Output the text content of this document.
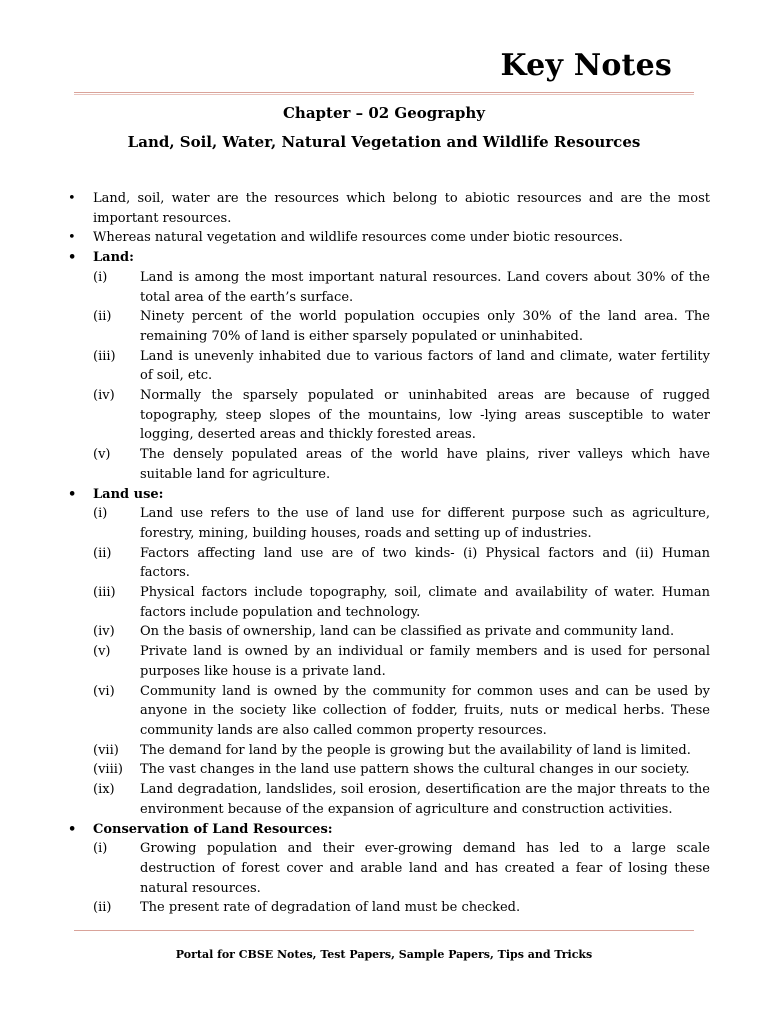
Key Notes
Chapter – 02 Geography
Land, Soil, Water, Natural Vegetation and Wildlife Resources
• Land, soil, water are the resources which belong to abiotic resources and are the most important resources.
• Whereas natural vegetation and wildlife resources come under biotic resources.
• Land:
(i)	Land is among the most important natural resources. Land covers about 30% of the total area of the earth’s surface.
(ii) Ninety percent of the world population occupies only 30% of the land area. The remaining 70% of land is either sparsely populated or uninhabited.
(iii) Land is unevenly inhabited due to various factors of land and climate, water fertility of soil, etc.
(iv) Normally the sparsely populated or uninhabited areas are because of rugged topography, steep slopes of the mountains, low -lying areas susceptible to water logging, deserted areas and thickly forested areas.
(v) The densely populated areas of the world have plains, river valleys which have suitable land for agriculture.
• Land use:
(i)	Land use refers to the use of land use for different purpose such as agriculture, forestry, mining, building houses, roads and setting up of industries.
(ii) Factors affecting land use are of two kinds- (i) Physical factors and (ii) Human factors.
(iii) Physical factors include topography, soil, climate and availability of water. Human factors include population and technology.
(iv) On the basis of ownership, land can be classified as private and community land.
(v) Private land is owned by an individual or family members and is used for personal purposes like house is a private land.
(vi) Community land is owned by the community for common uses and can be used by anyone in the society like collection of fodder, fruits, nuts or medical herbs. These community lands are also called common property resources.
(vii) The demand for land by the people is growing but the availability of land is limited.
(viii) The vast changes in the land use pattern shows the cultural changes in our society.
(ix) Land degradation, landslides, soil erosion, desertification are the major threats to the environment because of the expansion of agriculture and construction activities.
• Conservation of Land Resources:
(i)	Growing population and their ever-growing demand has led to a large scale destruction of forest cover and arable land and has created a fear of losing these natural resources.
(ii) The present rate of degradation of land must be checked.
Portal for CBSE Notes, Test Papers, Sample Papers, Tips and Tricks
